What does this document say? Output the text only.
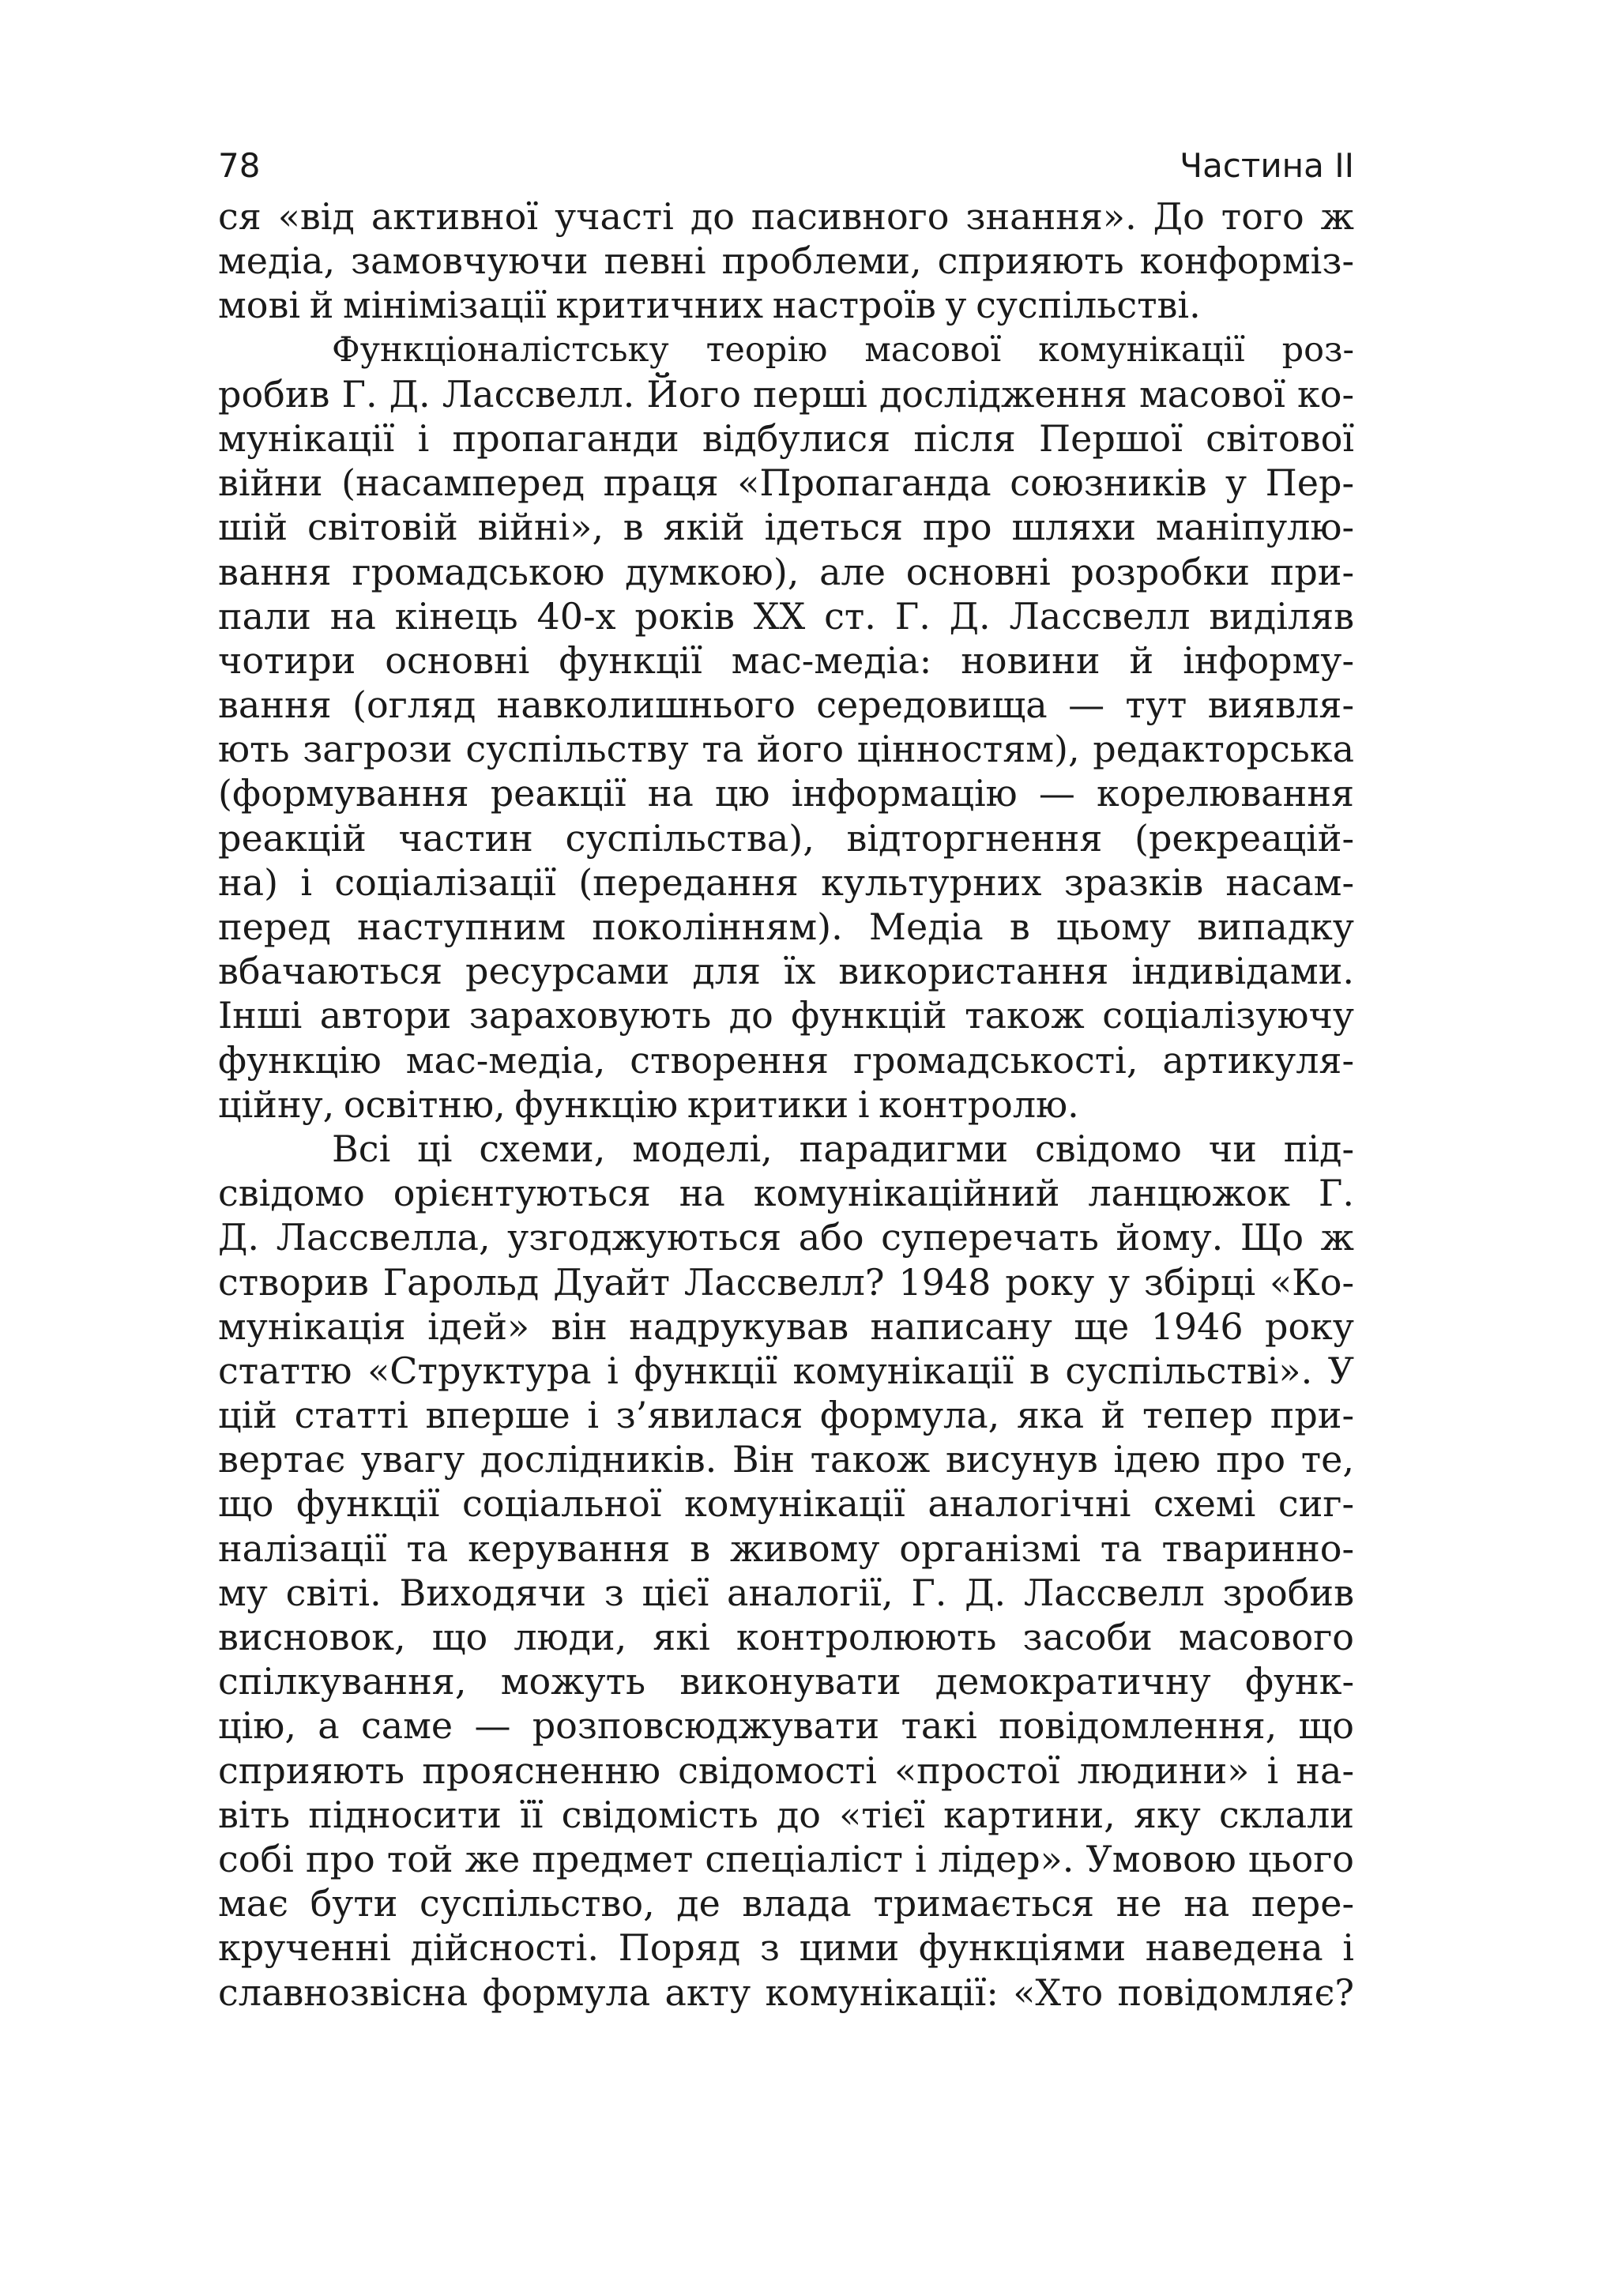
78	Частина II
ся «від активної участі до пасивного знання». До того ж
медіа, замовчуючи певні проблеми, сприяють конформіз-
мові й мінімізації критичних настроїв у суспільстві.
Функціоналістську теорію масової комунікації роз-
робив Г. Д. Лассвелл. Його перші дослідження масової ко-
мунікації і пропаганди відбулися після Першої світової
війни (насамперед праця «Пропаганда союзників у Пер-
шій світовій війні», в якій ідеться про шляхи маніпулю-
вання громадською думкою), але основні розробки при-
пали на кінець 40-х років XX ст. Г. Д. Лассвелл виділяв
чотири основні функції мас-медіа: новини й інформу-
вання (огляд навколишнього середовища — тут виявля-
ють загрози суспільству та його цінностям), редакторська
(формування реакції на цю інформацію — корелювання
реакцій частин суспільства), відторгнення (рекреацій-
на) і соціалізації (передання культурних зразків насам-
перед наступним поколінням). Медіа в цьому випадку
вбачаються ресурсами для їх використання індивідами.
Інші автори зараховують до функцій також соціалізуючу
функцію мас-медіа, створення громадськості, артикуля-
ційну, освітню, функцію критики і контролю.
Всі ці схеми, моделі, парадигми свідомо чи під-
свідомо орієнтуються на комунікаційний ланцюжок Г.
Д. Лассвелла, узгоджуються або суперечать йому. Що ж
створив Гарольд Дуайт Лассвелл? 1948 року у збірці «Ко-
мунікація ідей» він надрукував написану ще 1946 року
статтю «Структура і функції комунікації в суспільстві». У
цій статті вперше і з’явилася формула, яка й тепер при-
вертає увагу дослідників. Він також висунув ідею про те,
що функції соціальної комунікації аналогічні схемі сиг-
налізації та керування в живому організмі та тваринно-
му світі. Виходячи з цієї аналогії, Г. Д. Лассвелл зробив
висновок, що люди, які контролюють засоби масового
спілкування, можуть виконувати демократичну функ-
цію, а саме — розповсюджувати такі повідомлення, що
сприяють проясненню свідомості «простої людини» і на-
віть підносити її свідомість до «тієї картини, яку склали
собі про той же предмет спеціаліст і лідер». Умовою цього
має бути суспільство, де влада тримається не на пере-
крученні дійсності. Поряд з цими функціями наведена і
славнозвісна формула акту комунікації: «Хто повідомляє?
